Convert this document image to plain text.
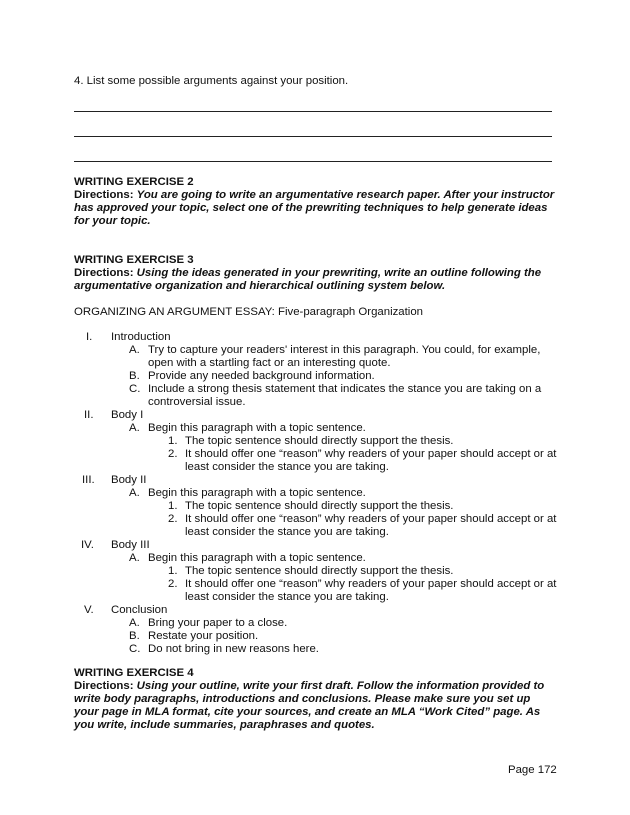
4. List some possible arguments against your position.
WRITING EXERCISE 2
Directions: You are going to write an argumentative research paper. After your instructor has approved your topic, select one of the prewriting techniques to help generate ideas for your topic.
WRITING EXERCISE 3
Directions: Using the ideas generated in your prewriting, write an outline following the argumentative organization and hierarchical outlining system below.
ORGANIZING AN ARGUMENT ESSAY: Five-paragraph Organization
I. Introduction
A. Try to capture your readers' interest in this paragraph. You could, for example,
open with a startling fact or an interesting quote.
B. Provide any needed background information.
C. Include a strong thesis statement that indicates the stance you are taking on a
controversial issue.
II. Body I
A. Begin this paragraph with a topic sentence.
1. The topic sentence should directly support the thesis.
2. It should offer one “reason” why readers of your paper should accept or at
least consider the stance you are taking.
III. Body II
A. Begin this paragraph with a topic sentence.
1. The topic sentence should directly support the thesis.
2. It should offer one “reason” why readers of your paper should accept or at
least consider the stance you are taking.
IV. Body III
A. Begin this paragraph with a topic sentence.
1. The topic sentence should directly support the thesis.
2. It should offer one “reason” why readers of your paper should accept or at
least consider the stance you are taking.
V. Conclusion
A. Bring your paper to a close.
B. Restate your position.
C. Do not bring in new reasons here.
WRITING EXERCISE 4
Directions: Using your outline, write your first draft. Follow the information provided to write body paragraphs, introductions and conclusions. Please make sure you set up your page in MLA format, cite your sources, and create an MLA “Work Cited” page. As you write, include summaries, paraphrases and quotes.
Page 172
